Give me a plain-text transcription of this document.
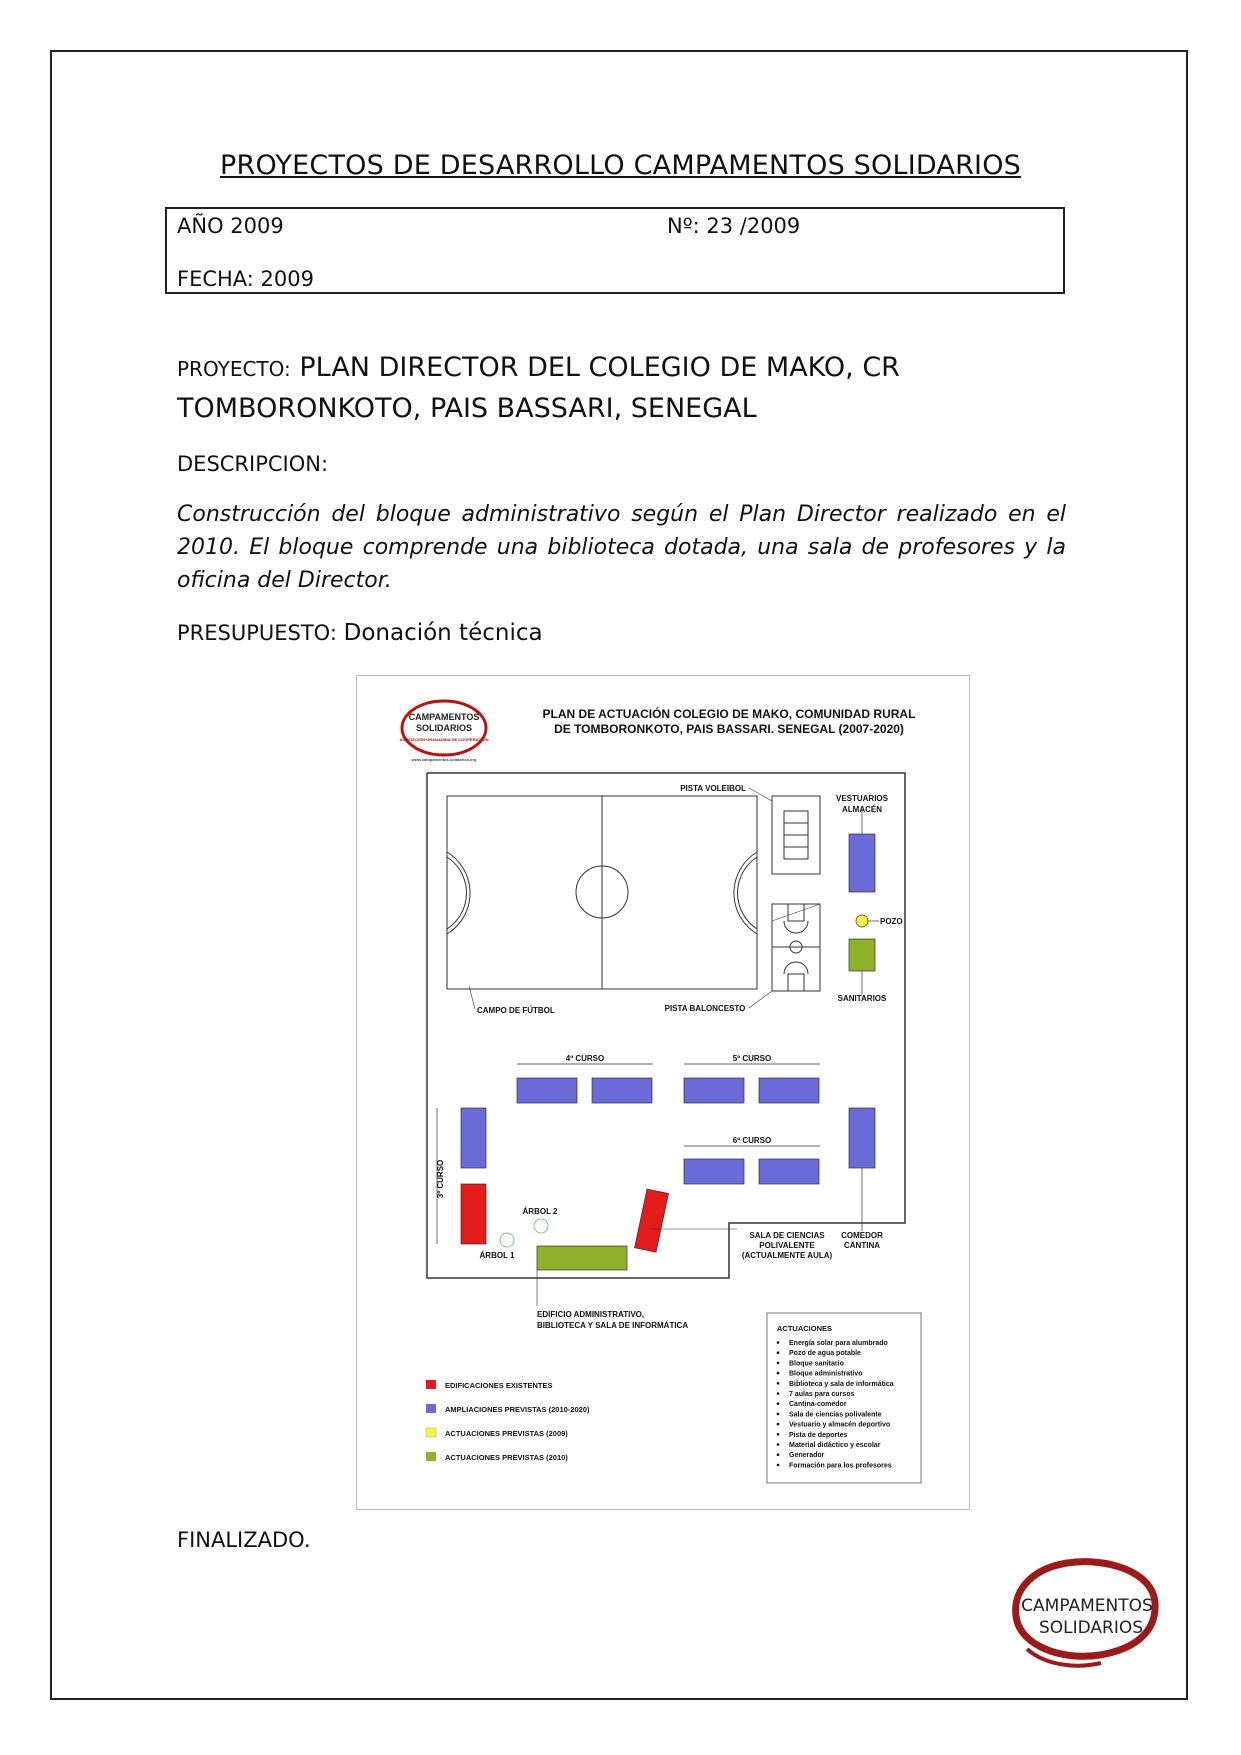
PROYECTOS DE DESARROLLO CAMPAMENTOS SOLIDARIOS
AÑO 2009	Nº: 23 /2009
FECHA: 2009
PROYECTO: PLAN DIRECTOR DEL COLEGIO DE MAKO, CR TOMBORONKOTO, PAIS BASSARI, SENEGAL
DESCRIPCION:
Construcción del bloque administrativo según el Plan Director realizado en el 2010. El bloque comprende una biblioteca dotada, una sala de profesores y la oficina del Director.
PRESUPUESTO: Donación técnica
CAMPAMENTOS
SOLIDARIOS
ASOCIACIÓN GRANADINA DE COOPERACIÓN
www.campamentos-solidarios.org
PLAN DE ACTUACIÓN COLEGIO DE MAKO, COMUNIDAD RURAL
DE TOMBORONKOTO, PAIS BASSARI. SENEGAL (2007-2020)
PISTA VOLEIBOL
VESTUARIOS
ALMACÉN
POZO
SANITARIOS
CAMPO DE FÚTBOL	PISTA BALONCESTO
4º CURSO	5º CURSO
6º CURSO
3º CURSO
COMEDOR
CANTINA
SALA DE CIENCIAS
POLIVALENTE
(ACTUALMENTE AULA)
ÁRBOL 2
ÁRBOL 1
EDIFICIO ADMINISTRATIVO,
BIBLIOTECA Y SALA DE INFORMÁTICA
EDIFICACIONES EXISTENTES
AMPLIACIONES PREVISTAS (2010-2020)
ACTUACIONES PREVISTAS (2009)
ACTUACIONES PREVISTAS (2010)
ACTUACIONES
Energía solar para alumbrado
Pozo de agua potable
Bloque sanitario
Bloque administrativo
Biblioteca y sala de informática
7 aulas para cursos
Cantina-comedor
Sala de ciencias polivalente
Vestuario y almacén deportivo
Pista de deportes
Material didáctico y escolar
Generador
Formación para los profesores
FINALIZADO.
CAMPAMENTOS
SOLIDARIOS
